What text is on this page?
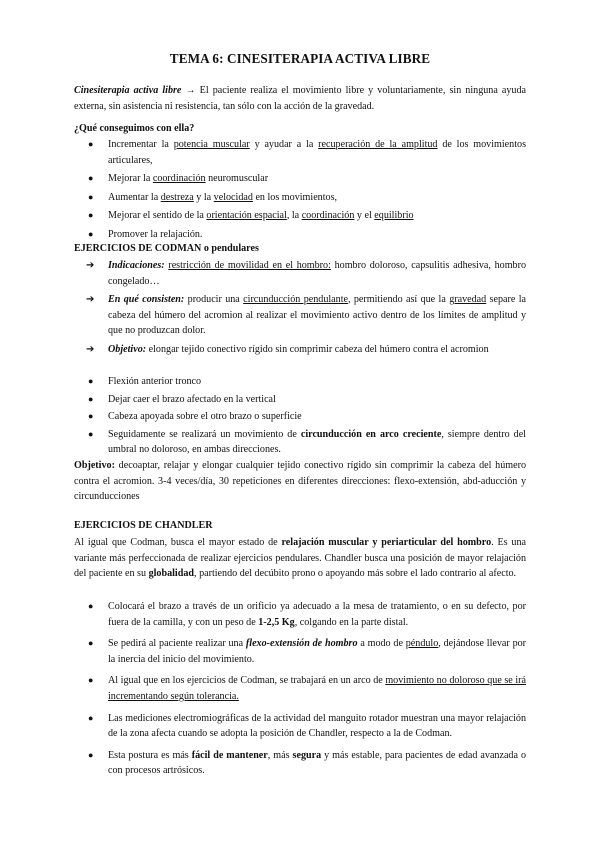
TEMA 6: CINESITERAPIA ACTIVA LIBRE

Cinesiterapia activa libre → El paciente realiza el movimiento libre y voluntariamente, sin ninguna ayuda externa, sin asistencia ni resistencia, tan sólo con la acción de la gravedad.

¿Qué conseguimos con ella?

●	Incrementar la potencia muscular y ayudar a la recuperación de la amplitud de los movimientos articulares,
●	Mejorar la coordinación neuromuscular
●	Aumentar la destreza y la velocidad en los movimientos,
●	Mejorar el sentido de la orientación espacial, la coordinación y el equilibrio
●	Promover la relajación.

EJERCICIOS DE CODMAN o pendulares

➔	Indicaciones: restricción de movilidad en el hombro: hombro doloroso, capsulitis adhesiva, hombro congelado…
➔	En qué consisten: producir una circunducción pendulante, permitiendo así que la gravedad separe la cabeza del húmero del acromion al realizar el movimiento activo dentro de los límites de amplitud y que no produzcan dolor.
➔	Objetivo: elongar tejido conectivo rígido sin comprimir cabeza del húmero contra el acromion
●	Flexión anterior tronco
●	Dejar caer el brazo afectado en la vertical
●	Cabeza apoyada sobre el otro brazo o superficie
●	Seguidamente se realizará un movimiento de circunducción en arco creciente, siempre dentro del umbral no doloroso, en ambas direcciones.

Objetivo: decoaptar, relajar y elongar cualquier tejido conectivo rígido sin comprimir la cabeza del húmero contra el acromion. 3-4 veces/día, 30 repeticiones en diferentes direcciones: flexo-extensión, abd-aducción y circunducciones

EJERCICIOS DE CHANDLER

Al igual que Codman, busca el mayor estado de relajación muscular y periarticular del hombro. Es una variante más perfeccionada de realizar ejercicios pendulares. Chandler busca una posición de mayor relajación del paciente en su globalidad, partiendo del decúbito prono o apoyando más sobre el lado contrario al afecto.

●	Colocará el brazo a través de un orificio ya adecuado a la mesa de tratamiento, o en su defecto, por fuera de la camilla, y con un peso de 1-2,5 Kg, colgando en la parte distal.
●	Se pedirá al paciente realizar una flexo-extensión de hombro a modo de péndulo, dejándose llevar por la inercia del inicio del movimiento.
●	Al igual que en los ejercicios de Codman, se trabajará en un arco de movimiento no doloroso que se irá incrementando según tolerancia.
●	Las mediciones electromiográficas de la actividad del manguito rotador muestran una mayor relajación de la zona afecta cuando se adopta la posición de Chandler, respecto a la de Codman.
●	Esta postura es más fácil de mantener, más segura y más estable, para pacientes de edad avanzada o con procesos artrósicos.
